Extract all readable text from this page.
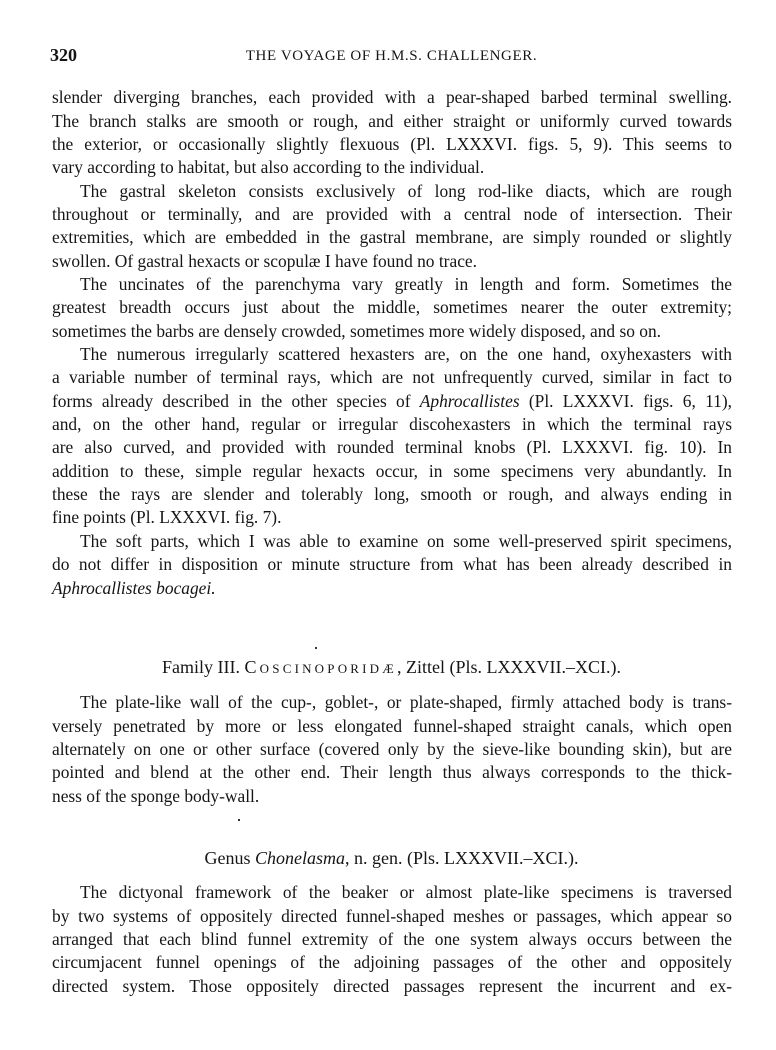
320	THE VOYAGE OF H.M.S. CHALLENGER.
slender diverging branches, each provided with a pear-shaped barbed terminal swelling.
The branch stalks are smooth or rough, and either straight or uniformly curved towards
the exterior, or occasionally slightly flexuous (Pl. LXXXVI. figs. 5, 9). This seems to
vary according to habitat, but also according to the individual.
The gastral skeleton consists exclusively of long rod-like diacts, which are rough
throughout or terminally, and are provided with a central node of intersection. Their
extremities, which are embedded in the gastral membrane, are simply rounded or slightly
swollen. Of gastral hexacts or scopulæ I have found no trace.
The uncinates of the parenchyma vary greatly in length and form. Sometimes the
greatest breadth occurs just about the middle, sometimes nearer the outer extremity;
sometimes the barbs are densely crowded, sometimes more widely disposed, and so on.
The numerous irregularly scattered hexasters are, on the one hand, oxyhexasters with
a variable number of terminal rays, which are not unfrequently curved, similar in fact to
forms already described in the other species of Aphrocallistes (Pl. LXXXVI. figs. 6, 11),
and, on the other hand, regular or irregular discohexasters in which the terminal rays
are also curved, and provided with rounded terminal knobs (Pl. LXXXVI. fig. 10). In
addition to these, simple regular hexacts occur, in some specimens very abundantly. In
these the rays are slender and tolerably long, smooth or rough, and always ending in
fine points (Pl. LXXXVI. fig. 7).
The soft parts, which I was able to examine on some well-preserved spirit specimens,
do not differ in disposition or minute structure from what has been already described in
Aphrocallistes bocagei.
Family III. Coscinoporidæ, Zittel (Pls. LXXXVII.–XCI.).
The plate-like wall of the cup-, goblet-, or plate-shaped, firmly attached body is trans-
versely penetrated by more or less elongated funnel-shaped straight canals, which open
alternately on one or other surface (covered only by the sieve-like bounding skin), but are
pointed and blend at the other end. Their length thus always corresponds to the thick-
ness of the sponge body-wall.
Genus Chonelasma, n. gen. (Pls. LXXXVII.–XCI.).
The dictyonal framework of the beaker or almost plate-like specimens is traversed
by two systems of oppositely directed funnel-shaped meshes or passages, which appear so
arranged that each blind funnel extremity of the one system always occurs between the
circumjacent funnel openings of the adjoining passages of the other and oppositely
directed system. Those oppositely directed passages represent the incurrent and ex-
